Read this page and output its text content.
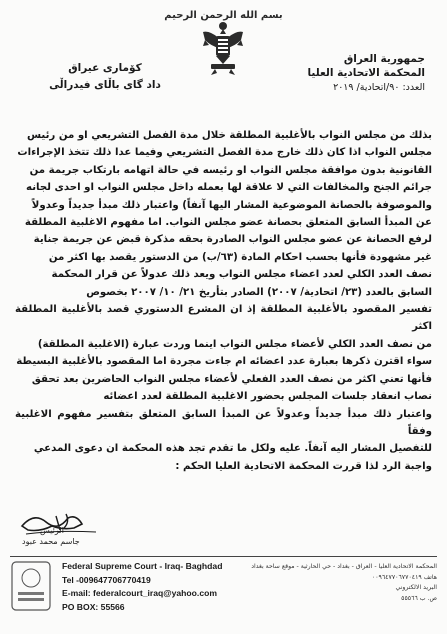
بسم الله الرحمن الرحيم
جمهورية العراق
المحكمة الاتحادية العليا
العدد: ٩٠/اتحادية/ ٢٠١٩
كۆماری عیراق
داد گای باڵای فیدراڵی

بذلك من مجلس النواب بالأغلبية المطلقة خلال مدة الفصل التشريعي او من رئيس

مجلس النواب اذا كان ذلك خارج مدة الفصل التشريعي وفيما عدا ذلك تتخذ الإجراءات

القانونية بدون موافقة مجلس النواب او رئيسه في حالة اتهامه بارتكاب جريمة من

جرائم الجنح والمخالفات التي لا علاقة لها بعمله داخل مجلس النواب او احدى لجانه

والموصوفة بالحصانة الموضوعية المشار اليها آنفاً) واعتبار ذلك مبدأ جديداً وعدولاً

عن المبدأ السابق المتعلق بحصانة عضو مجلس النواب. اما مفهوم الاغلبية المطلقة

لرفع الحصانة عن عضو مجلس النواب الصادرة بحقه مذكرة قبض عن جريمة جناية

غير مشهودة فأنها بحسب احكام المادة (٦٣/ب) من الدستور يقصد بها اكثر من

نصف العدد الكلي لعدد اعضاء مجلس النواب ويعد ذلك عدولاً عن قرار المحكمة

السابق بالعدد (٢٣/ اتحادية/ ٢٠٠٧) الصادر بتأريخ ٢١/ ١٠/ ٢٠٠٧ بخصوص

تفسير المقصود بالأغلبية المطلقة إذ ان المشرع الدستوري قصد بالأغلبية المطلقة اكثر

من نصف العدد الكلي لأعضاء مجلس النواب اينما وردت عبارة (الاغلبية المطلقة)

سواء اقترن ذكرها بعبارة عدد اعضائه ام جاءت مجردة اما المقصود بالأغلبية البسيطة

فأنها تعني اكثر من نصف العدد الفعلي لأعضاء مجلس النواب الحاضرين بعد تحقق

نصاب انعقاد جلسات المجلس بحضور الاغلبية المطلقة لعدد اعضائه

واعتبار ذلك مبدأ جديداً وعدولاً عن المبدأ السابق المتعلق بتفسير مفهوم الاغلبية وفقاً

للتفصيل المشار اليه آنفاً. عليه ولكل ما تقدم تجد هذه المحكمة ان دعوى المدعي

واجبة الرد لذا قررت المحكمة الاتحادية العليا الحكم :

الرئيس
جاسم محمد عبود
Federal Supreme Court - Iraq- Baghdad
Tel -009647706770419
E-mail: federalcourt_iraq@yahoo.com
PO BOX: 55566
المحكمة الاتحادية العليا - العراق - بغداد - حي الحارثية - موقع ساحة بغداد
هاتف ٠٠٩٦٤٧٧٠٦٧٧٠٤١٩
البريد الالكتروني
ص. ب ٥٥٥٦٦
